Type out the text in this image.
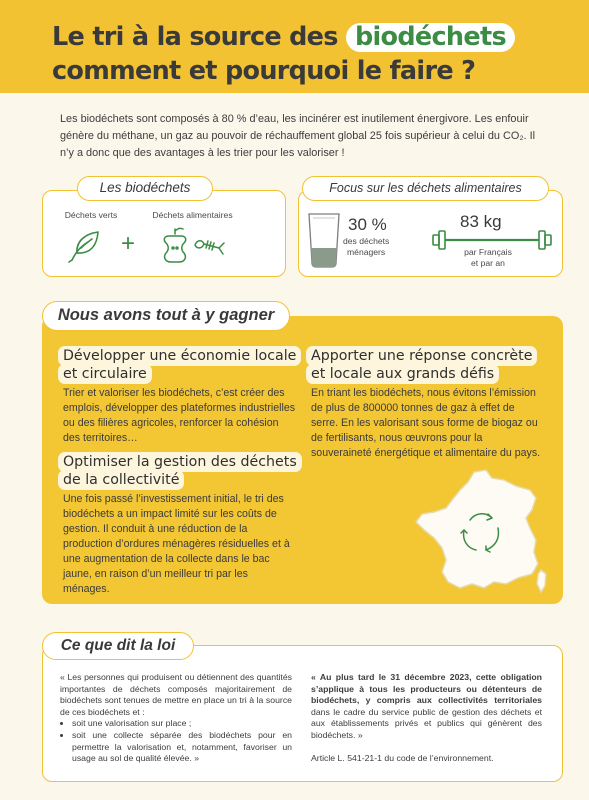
Le tri à la source des biodéchets
comment et pourquoi le faire ?

Les biodéchets sont composés à 80 % d’eau, les incinérer est inutilement énergivore. Les enfouir génère du méthane, un gaz au pouvoir de réchauffement global 25 fois supérieur à celui du CO₂. Il n’y a donc que des avantages à les trier pour les valoriser !

Les biodéchets
Déchets verts	Déchets alimentaires
+
Focus sur les déchets alimentaires
30 %
des déchets
ménagers
83 kg
par Français
et par an
Nous avons tout à y gagner
Développer une économie locale
et circulaire

Trier et valoriser les biodéchets, c’est créer des emplois, développer des plateformes industrielles ou des filières agricoles, renforcer la cohésion des territoires…

Optimiser la gestion des déchets
de la collectivité

Une fois passé l’investissement initial, le tri des biodéchets a un impact limité sur les coûts de gestion. Il conduit à une réduction de la production d’ordures ménagères résiduelles et à une augmentation de la collecte dans le bac jaune, en raison d’un meilleur tri par les ménages.

Apporter une réponse concrète
et locale aux grands défis

En triant les biodéchets, nous évitons l’émission de plus de 800000 tonnes de gaz à effet de serre. En les valorisant sous forme de biogaz ou de fertilisants, nous œuvrons pour la souveraineté énergétique et alimentaire du pays.

Ce que dit la loi

« Les personnes qui produisent ou détiennent des quantités importantes de déchets composés majoritairement de biodéchets sont tenues de mettre en place un tri à la source de ces biodéchets et :

• soit une valorisation sur place ;
• soit une collecte séparée des biodéchets pour en permettre la valorisation et, notamment, favoriser un usage au sol de qualité élevée. »

« Au plus tard le 31 décembre 2023, cette obligation s’applique à tous les producteurs ou détenteurs de biodéchets, y compris aux collectivités territoriales dans le cadre du service public de gestion des déchets et aux établissements privés et publics qui génèrent des biodéchets. »

Article L. 541-21-1 du code de l’environnement.
